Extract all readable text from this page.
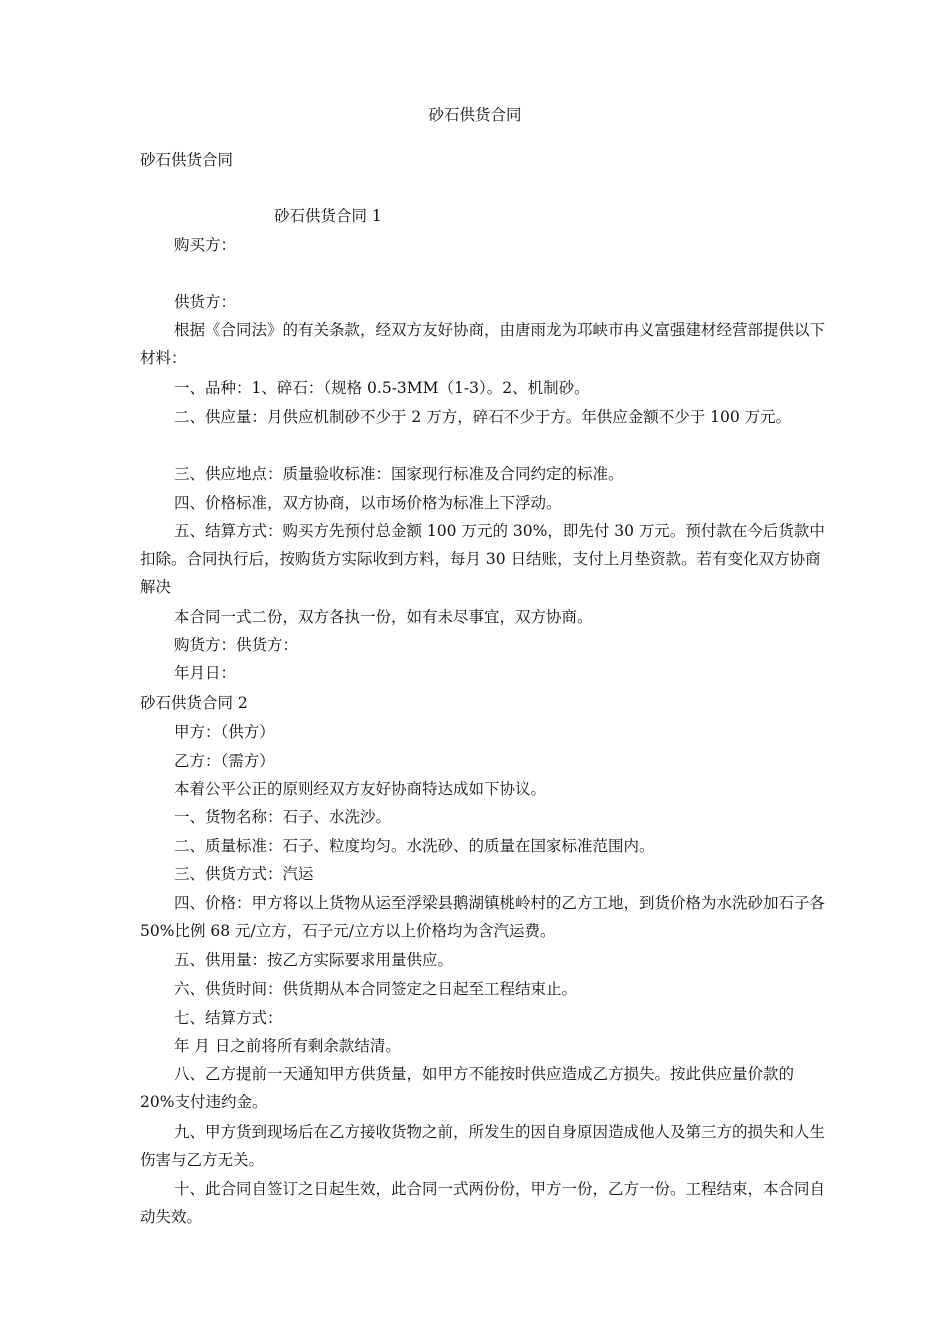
砂石供货合同
砂石供货合同
砂石供货合同 1
购买方：
供货方：
根据《合同法》的有关条款，经双方友好协商，由唐雨龙为邛峡市冉义富强建材经营部提供以下材料：
一、品种：1、碎石：（规格 0.5-3MM（1-3）。2、机制砂。
二、供应量：月供应机制砂不少于 2 万方，碎石不少于方。年供应金额不少于 100 万元。
三、供应地点：质量验收标准：国家现行标准及合同约定的标准。
四、价格标准，双方协商，以市场价格为标准上下浮动。
五、结算方式：购买方先预付总金额 100 万元的 30%，即先付 30 万元。预付款在今后货款中扣除。合同执行后，按购货方实际收到方料，每月 30 日结账，支付上月垫资款。若有变化双方协商解决
本合同一式二份，双方各执一份，如有未尽事宜，双方协商。
购货方：供货方：
年月日：
砂石供货合同 2
甲方：（供方）
乙方：（需方）
本着公平公正的原则经双方友好协商特达成如下协议。
一、货物名称：石子、水洗沙。
二、质量标准：石子、粒度均匀。水洗砂、的质量在国家标准范围内。
三、供货方式：汽运
四、价格：甲方将以上货物从运至浮梁县鹅湖镇桃岭村的乙方工地，到货价格为水洗砂加石子各 50%比例 68 元/立方，石子元/立方以上价格均为含汽运费。
五、供用量：按乙方实际要求用量供应。
六、供货时间：供货期从本合同签定之日起至工程结束止。
七、结算方式：
年 月 日之前将所有剩余款结清。
八、乙方提前一天通知甲方供货量，如甲方不能按时供应造成乙方损失。按此供应量价款的 20%支付违约金。
九、甲方货到现场后在乙方接收货物之前，所发生的因自身原因造成他人及第三方的损失和人生伤害与乙方无关。
十、此合同自签订之日起生效，此合同一式两份份，甲方一份，乙方一份。工程结束，本合同自动失效。
